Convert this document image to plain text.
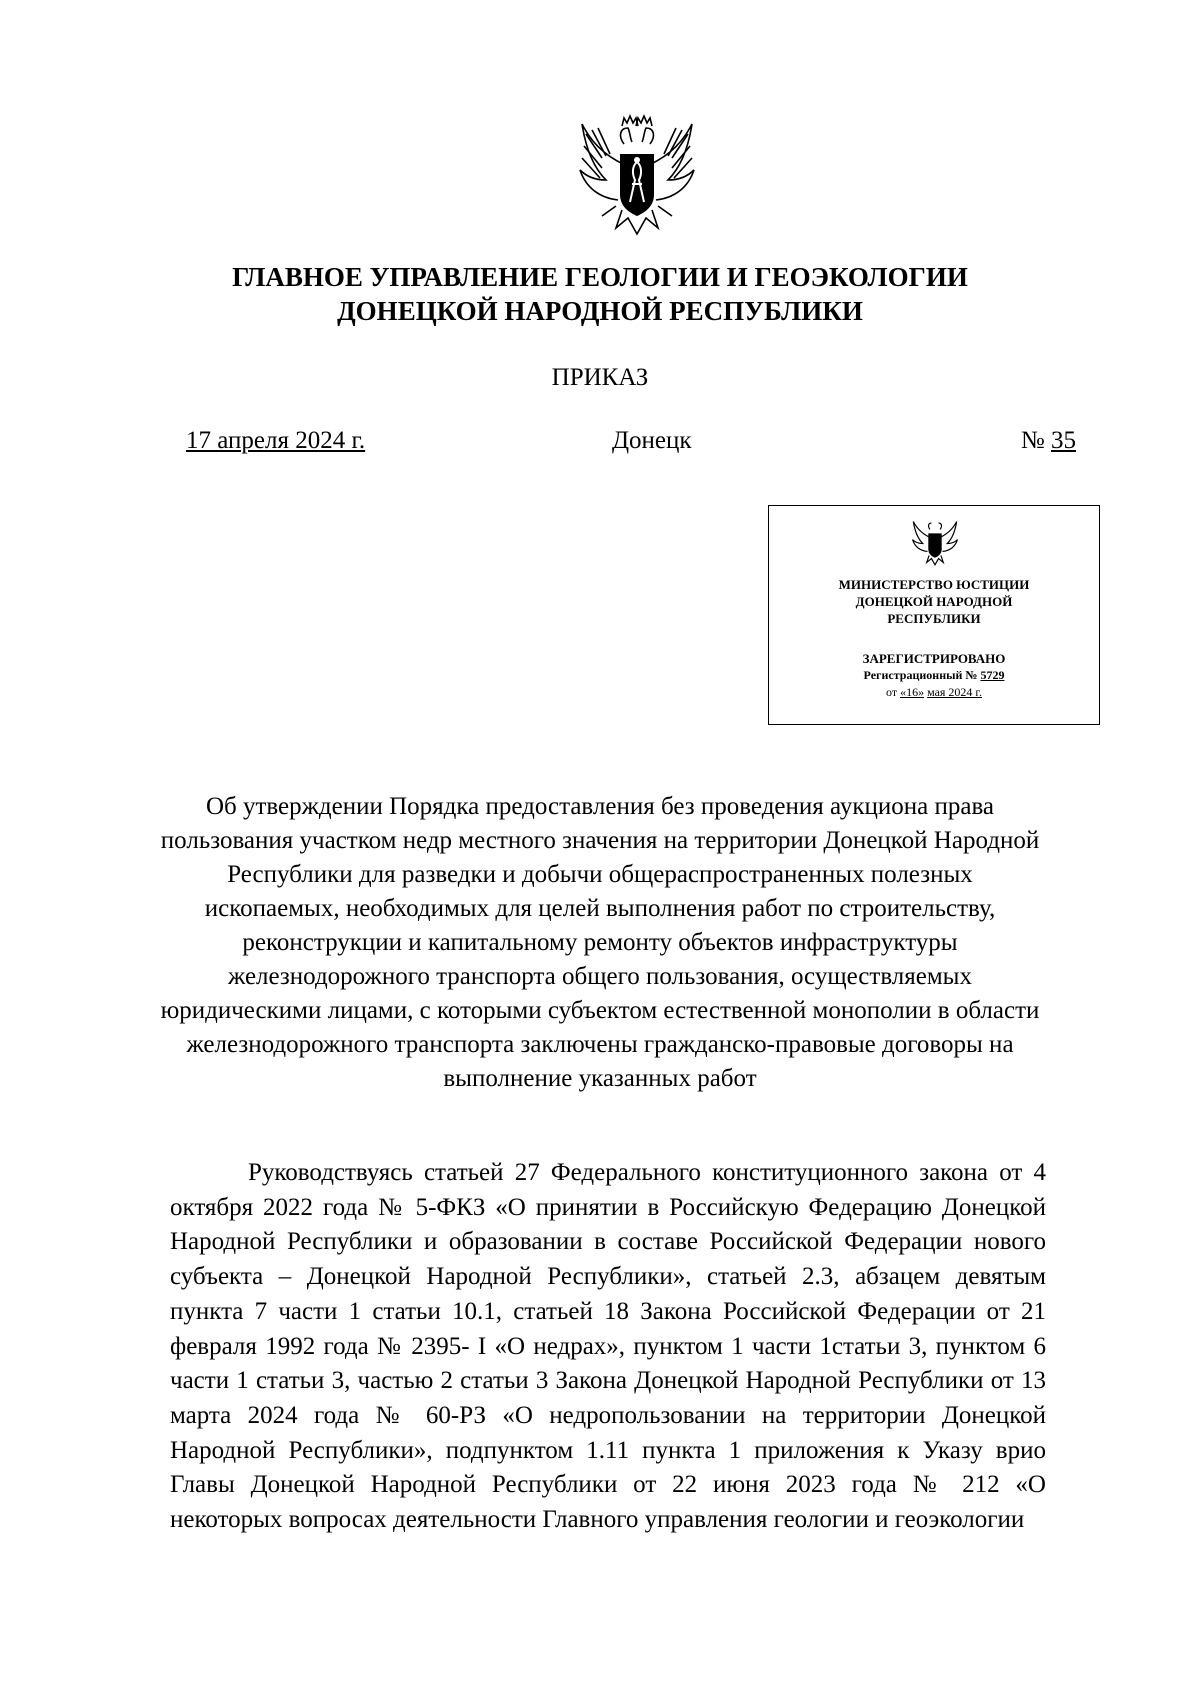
ГЛАВНОЕ УПРАВЛЕНИЕ ГЕОЛОГИИ И ГЕОЭКОЛОГИИ
ДОНЕЦКОЙ НАРОДНОЙ РЕСПУБЛИКИ
ПРИКАЗ
17 апреля 2024 г.	Донецк	№ 35
МИНИСТЕРСТВО ЮСТИЦИИ
ДОНЕЦКОЙ НАРОДНОЙ
РЕСПУБЛИКИ
ЗАРЕГИСТРИРОВАНО
Регистрационный № 5729
от «16» мая 2024 г.
Об утверждении Порядка предоставления без проведения аукциона права пользования участком недр местного значения на территории Донецкой Народной Республики для разведки и добычи общераспространенных полезных ископаемых, необходимых для целей выполнения работ по строительству, реконструкции и капитальному ремонту объектов инфраструктуры железнодорожного транспорта общего пользования, осуществляемых юридическими лицами, с которыми субъектом естественной монополии в области железнодорожного транспорта заключены гражданско-правовые договоры на выполнение указанных работ
Руководствуясь статьей 27 Федерального конституционного закона от 4 октября 2022 года № 5-ФКЗ «О принятии в Российскую Федерацию Донецкой Народной Республики и образовании в составе Российской Федерации нового субъекта – Донецкой Народной Республики», статьей 2.3, абзацем девятым пункта 7 части 1 статьи 10.1, статьей 18 Закона Российской Федерации от 21 февраля 1992 года № 2395- I «О недрах», пунктом 1 части 1статьи 3, пунктом 6 части 1 статьи 3, частью 2 статьи 3 Закона Донецкой Народной Республики от 13 марта 2024 года № 60-РЗ «О недропользовании на территории Донецкой Народной Республики», подпунктом 1.11 пункта 1 приложения к Указу врио Главы Донецкой Народной Республики от 22 июня 2023 года № 212 «О некоторых вопросах деятельности Главного управления геологии и геоэкологии
